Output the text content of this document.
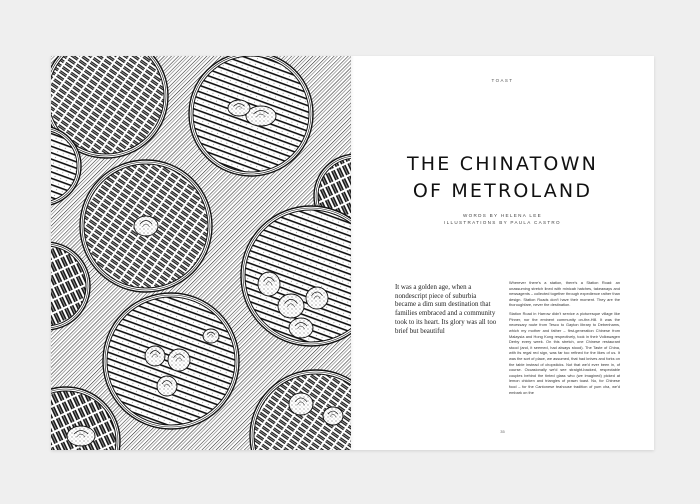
TOAST
THE CHINATOWN
OF METROLAND
WORDS BY HELENA LEE
ILLUSTRATIONS BY PAULA CASTRO

It was a golden age, when a nondescript piece of suburbia became a dim sum destination that families embraced and a community took to its heart. Its glory was all too brief but beautiful

Wherever there's a station, there's a Station Road: an unassuming stretch lined with minicab hatches, takeaways and newsagents – collected together through expedience rather than design. Station Roads don't have their moment. They are the thoroughfare, never the destination.

Station Road in Harrow didn't service a picturesque village like Pinner, nor the eminent community on-the-Hill. It was the necessary route from Tesco to Gayton library to Debenhams, which my mother and father – first-generation Chinese from Malaysia and Hong Kong respectively, took in their Volkswagen Derby every week. On this stretch, one Chinese restaurant stood (and, it seemed, had always stood). The Taste of China, with its regal red sign, was far too refined for the likes of us. It was the sort of place, we assumed, that had knives and forks on the table instead of chopsticks. Not that we'd ever been in, of course. Occasionally we'd see straight-backed, respectable couples behind the tinted glass who (we imagined) picked at lemon chicken and triangles of prawn toast. No, for Chinese food – for the Cantonese teahouse tradition of yum cha, we'd embark on the

35
